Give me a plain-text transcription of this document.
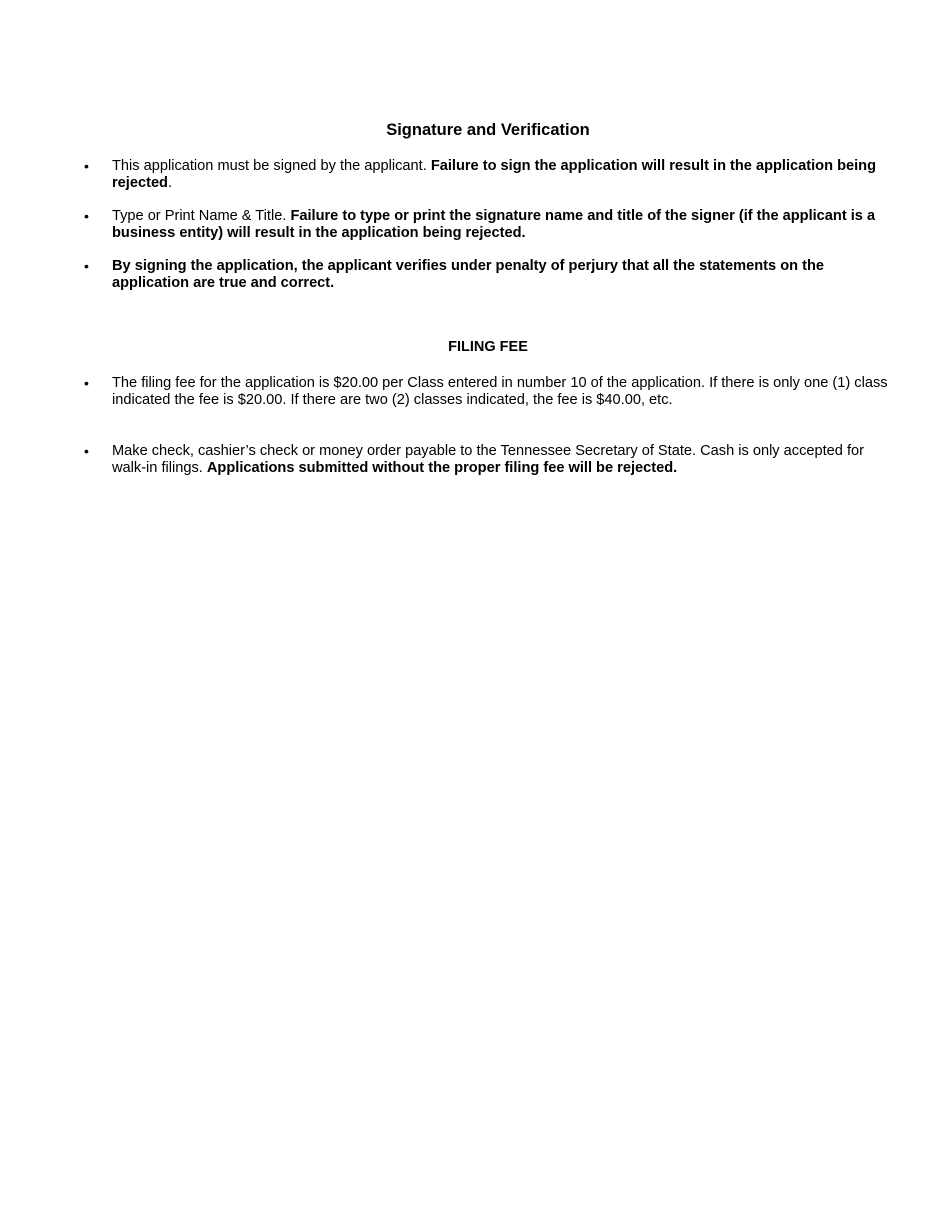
Signature and Verification
•	This application must be signed by the applicant. Failure to sign the application will result in the application being rejected.
•	Type or Print Name & Title. Failure to type or print the signature name and title of the signer (if the applicant is a business entity) will result in the application being rejected.
•	By signing the application, the applicant verifies under penalty of perjury that all the statements on the application are true and correct.
FILING FEE
•	The filing fee for the application is $20.00 per Class entered in number 10 of the application. If there is only one (1) class indicated the fee is $20.00. If there are two (2) classes indicated, the fee is $40.00, etc.
•	Make check, cashier’s check or money order payable to the Tennessee Secretary of State. Cash is only accepted for walk-in filings. Applications submitted without the proper filing fee will be rejected.
